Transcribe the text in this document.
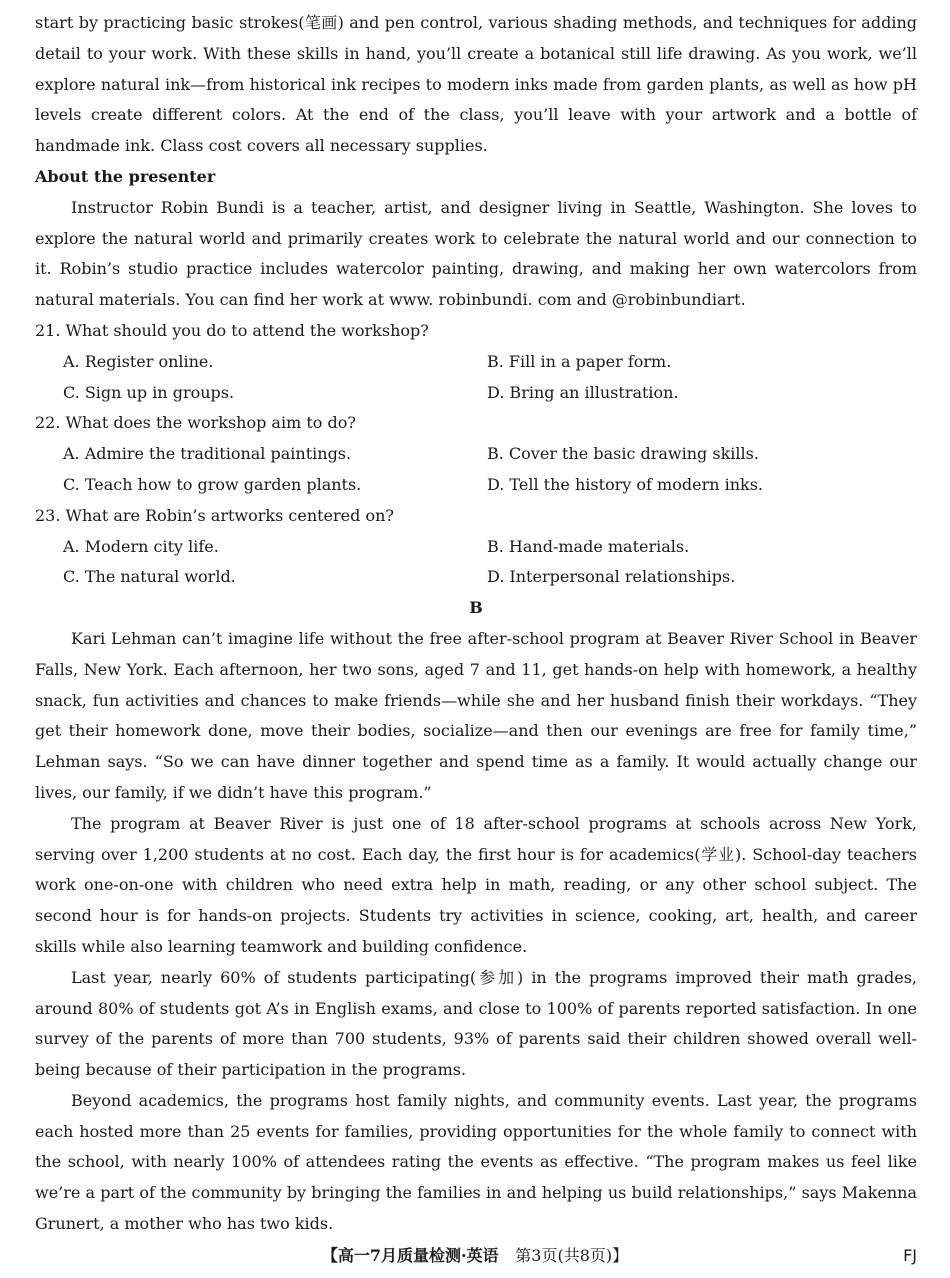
start by practicing basic strokes(笔画) and pen control, various shading methods, and techniques for adding detail to your work. With these skills in hand, you’ll create a botanical still life drawing. As you work, we’ll explore natural ink—from historical ink recipes to modern inks made from garden plants, as well as how pH levels create different colors. At the end of the class, you’ll leave with your artwork and a bottle of handmade ink. Class cost covers all necessary supplies.

About the presenter

Instructor Robin Bundi is a teacher, artist, and designer living in Seattle, Washington. She loves to explore the natural world and primarily creates work to celebrate the natural world and our connection to it. Robin’s studio practice includes watercolor painting, drawing, and making her own watercolors from natural materials. You can find her work at www. robinbundi. com and @robinbundiart.

21. What should you do to attend the workshop?

A. Register online.	B. Fill in a paper form.
C. Sign up in groups.	D. Bring an illustration.

22. What does the workshop aim to do?

A. Admire the traditional paintings.	B. Cover the basic drawing skills.
C. Teach how to grow garden plants.	D. Tell the history of modern inks.

23. What are Robin’s artworks centered on?

A. Modern city life.	B. Hand-made materials.
C. The natural world.	D. Interpersonal relationships.

B

Kari Lehman can’t imagine life without the free after-school program at Beaver River School in Beaver Falls, New York. Each afternoon, her two sons, aged 7 and 11, get hands-on help with homework, a healthy snack, fun activities and chances to make friends—while she and her husband finish their workdays. “They get their homework done, move their bodies, socialize—and then our evenings are free for family time,” Lehman says. “So we can have dinner together and spend time as a family. It would actually change our lives, our family, if we didn’t have this program.”

The program at Beaver River is just one of 18 after-school programs at schools across New York, serving over 1,200 students at no cost. Each day, the first hour is for academics(学业). School-day teachers work one-on-one with children who need extra help in math, reading, or any other school subject. The second hour is for hands-on projects. Students try activities in science, cooking, art, health, and career skills while also learning teamwork and building confidence.

Last year, nearly 60% of students participating(参加) in the programs improved their math grades, around 80% of students got A’s in English exams, and close to 100% of parents reported satisfaction. In one survey of the parents of more than 700 students, 93% of parents said their children showed overall well-being because of their participation in the programs.

Beyond academics, the programs host family nights, and community events. Last year, the programs each hosted more than 25 events for families, providing opportunities for the whole family to connect with the school, with nearly 100% of attendees rating the events as effective. “The program makes us feel like we’re a part of the community by bringing the families in and helping us build relationships,” says Makenna Grunert, a mother who has two kids.

【高一7月质量检测·英语 第3页(共8页)】	FJ
